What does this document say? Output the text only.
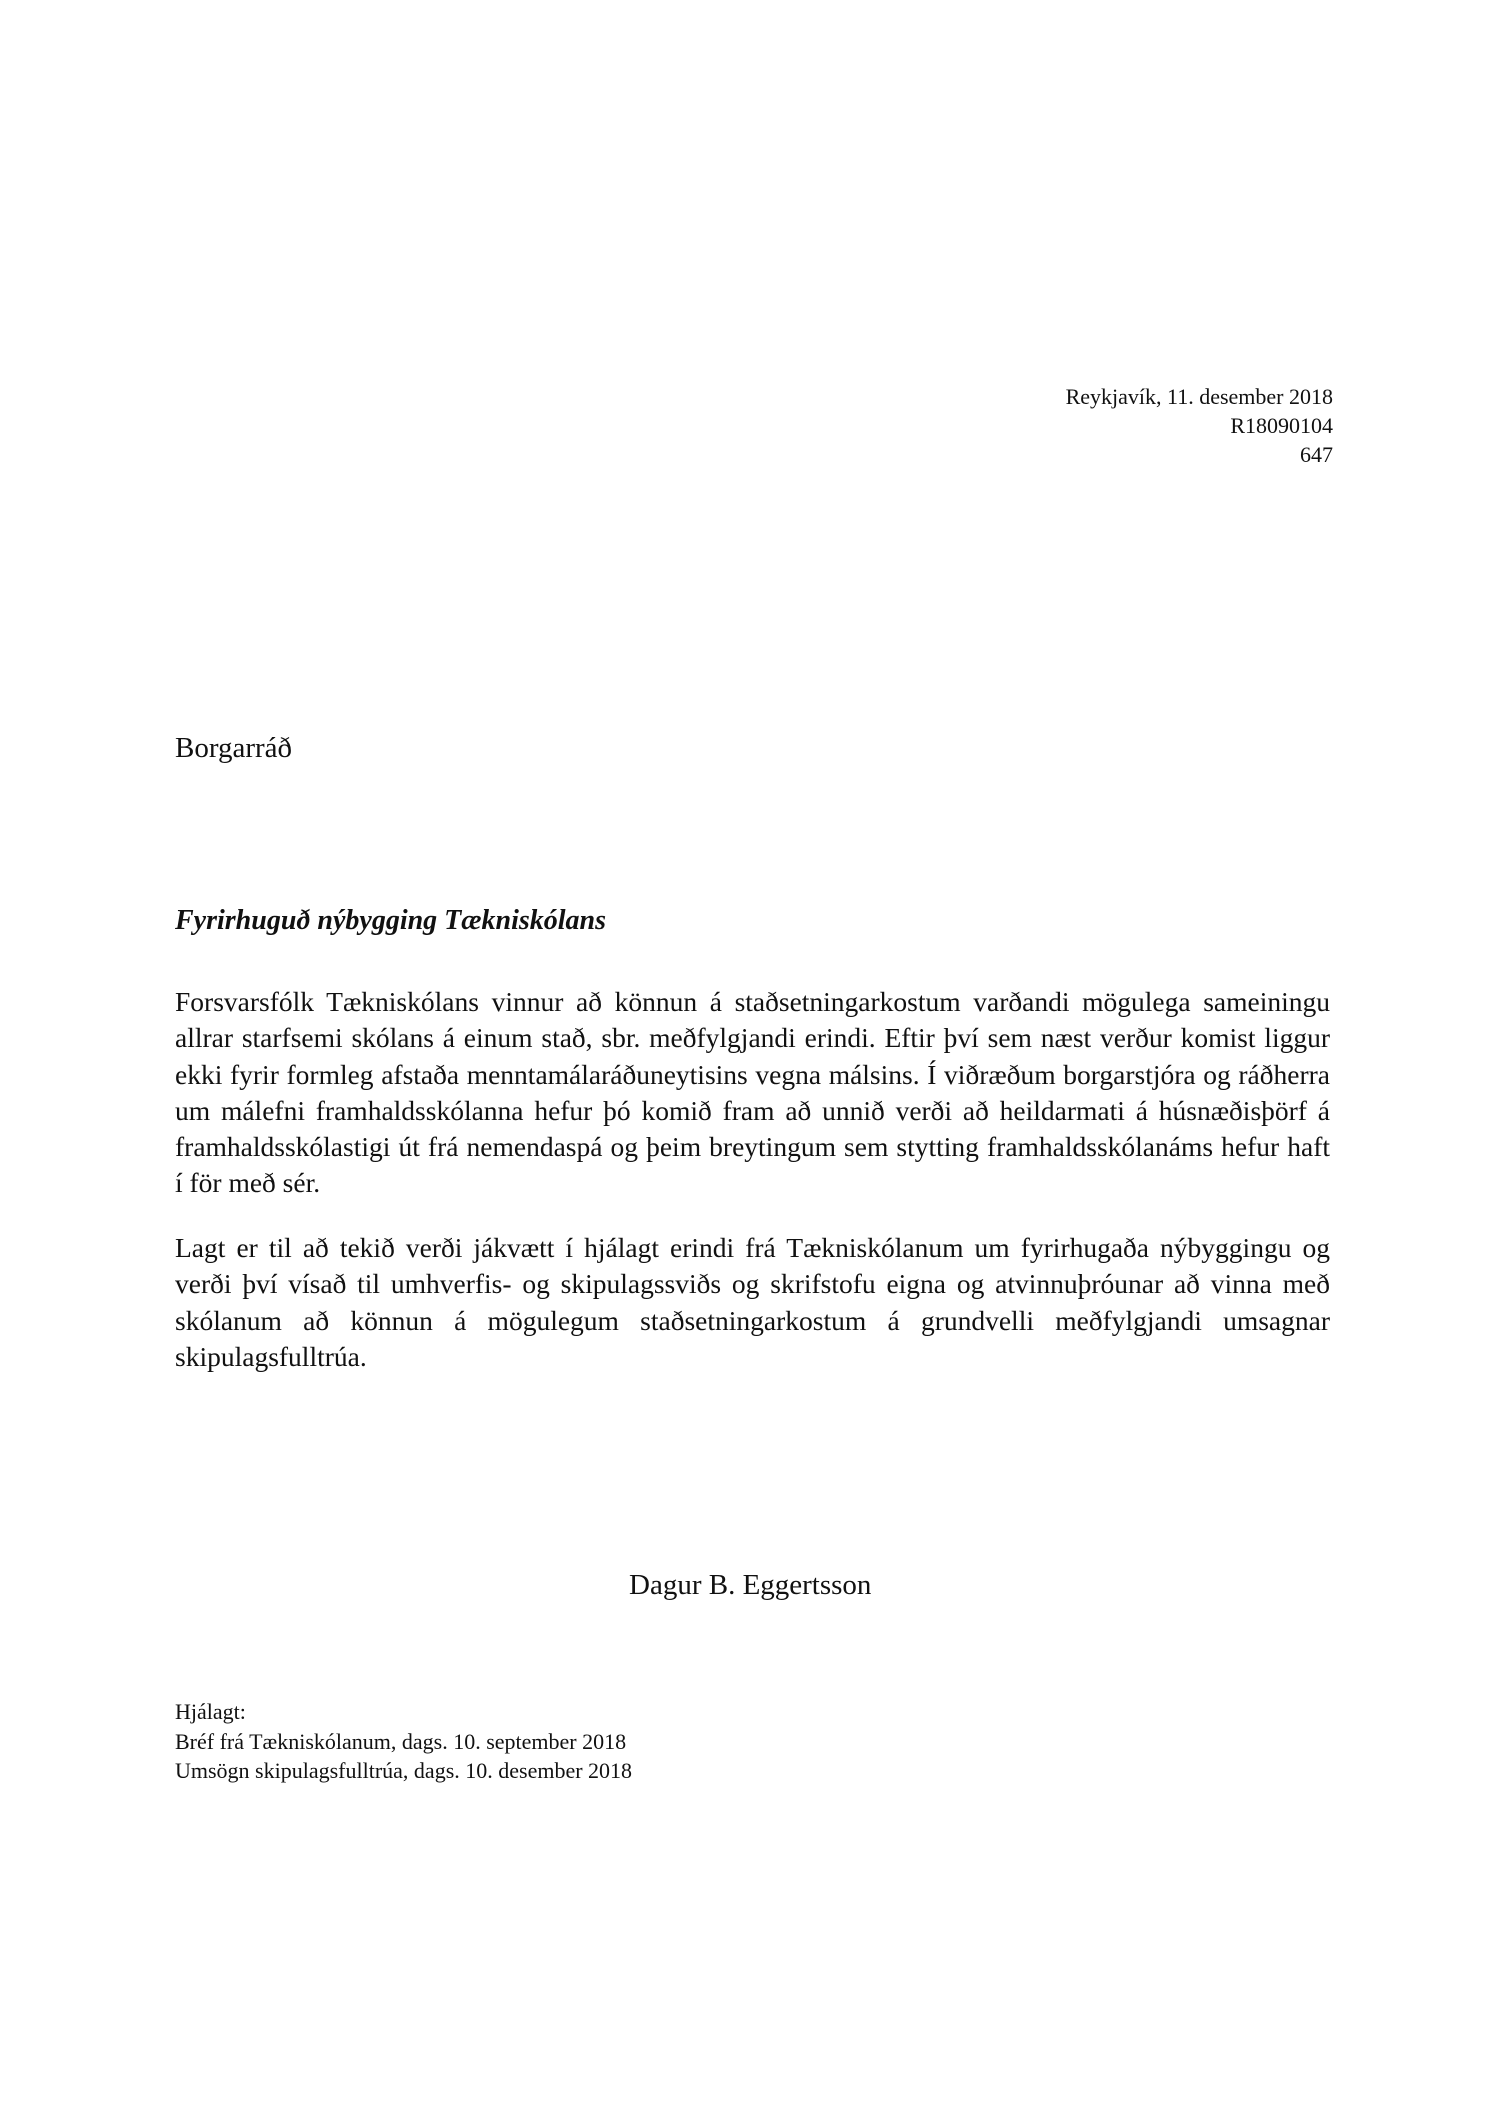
Reykjavík, 11. desember 2018
R18090104
647
Borgarráð
Fyrirhuguð nýbygging Tækniskólans

Forsvarsfólk Tækniskólans vinnur að könnun á staðsetningarkostum varðandi mögulega sameiningu allrar starfsemi skólans á einum stað, sbr. meðfylgjandi erindi. Eftir því sem næst verður komist liggur ekki fyrir formleg afstaða menntamálaráðuneytisins vegna málsins. Í viðræðum borgarstjóra og ráðherra um málefni framhaldsskólanna hefur þó komið fram að unnið verði að heildarmati á húsnæðisþörf á framhaldsskólastigi út frá nemendaspá og þeim breytingum sem stytting framhaldsskólanáms hefur haft í för með sér.

Lagt er til að tekið verði jákvætt í hjálagt erindi frá Tækniskólanum um fyrirhugaða nýbyggingu og verði því vísað til umhverfis- og skipulagssviðs og skrifstofu eigna og atvinnuþróunar að vinna með skólanum að könnun á mögulegum staðsetningarkostum á grundvelli meðfylgjandi umsagnar skipulagsfulltrúa.

Dagur B. Eggertsson
Hjálagt:
Bréf frá Tækniskólanum, dags. 10. september 2018
Umsögn skipulagsfulltrúa, dags. 10. desember 2018
